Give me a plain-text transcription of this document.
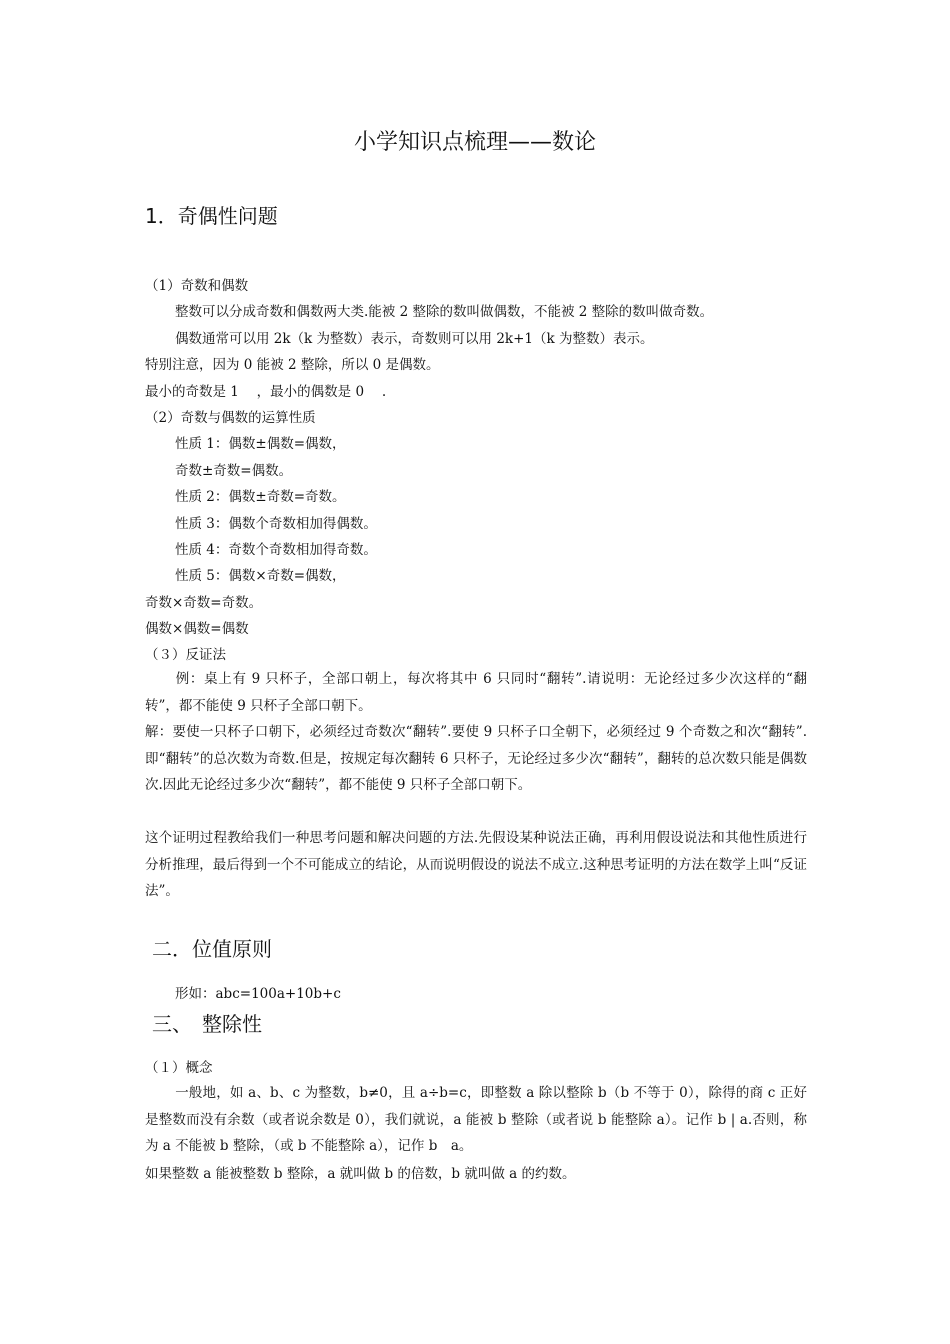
小学知识点梳理——数论
1．奇偶性问题
（1）奇数和偶数
整数可以分成奇数和偶数两大类.能被 2 整除的数叫做偶数，不能被 2 整除的数叫做奇数。
偶数通常可以用 2k（k 为整数）表示，奇数则可以用 2k+1（k 为整数）表示。
特别注意，因为 0 能被 2 整除，所以 0 是偶数。
最小的奇数是 1　 ，最小的偶数是 0　 .
（2）奇数与偶数的运算性质
性质 1：偶数±偶数=偶数，
奇数±奇数=偶数。
性质 2：偶数±奇数=奇数。
性质 3：偶数个奇数相加得偶数。
性质 4：奇数个奇数相加得奇数。
性质 5：偶数×奇数=偶数，
奇数×奇数=奇数。
偶数×偶数=偶数
（３）反证法
例：桌上有 9 只杯子，全部口朝上，每次将其中 6 只同时“翻转”.请说明：无论经过多少次这样的“翻转”，都不能使 9 只杯子全部口朝下。
解：要使一只杯子口朝下，必须经过奇数次“翻转”.要使 9 只杯子口全朝下，必须经过 9 个奇数之和次“翻转”.即“翻转”的总次数为奇数.但是，按规定每次翻转 6 只杯子，无论经过多少次“翻转”，翻转的总次数只能是偶数次.因此无论经过多少次“翻转”，都不能使 9 只杯子全部口朝下。
这个证明过程教给我们一种思考问题和解决问题的方法.先假设某种说法正确，再利用假设说法和其他性质进行分析推理，最后得到一个不可能成立的结论，从而说明假设的说法不成立.这种思考证明的方法在数学上叫“反证法”。
二．位值原则
形如：abc=100a+10b+c
三、　整除性
（１）概念
一般地，如 a、b、c 为整数，b≠0，且 a÷b=c，即整数 a 除以整除 b（b 不等于 0），除得的商 c 正好是整数而没有余数（或者说余数是 0），我们就说，a 能被 b 整除（或者说 b 能整除 a）。记作 b | a.否则，称为 a 不能被 b 整除，（或 b 不能整除 a），记作 b　a。
如果整数 a 能被整数 b 整除，a 就叫做 b 的倍数，b 就叫做 a 的约数。
